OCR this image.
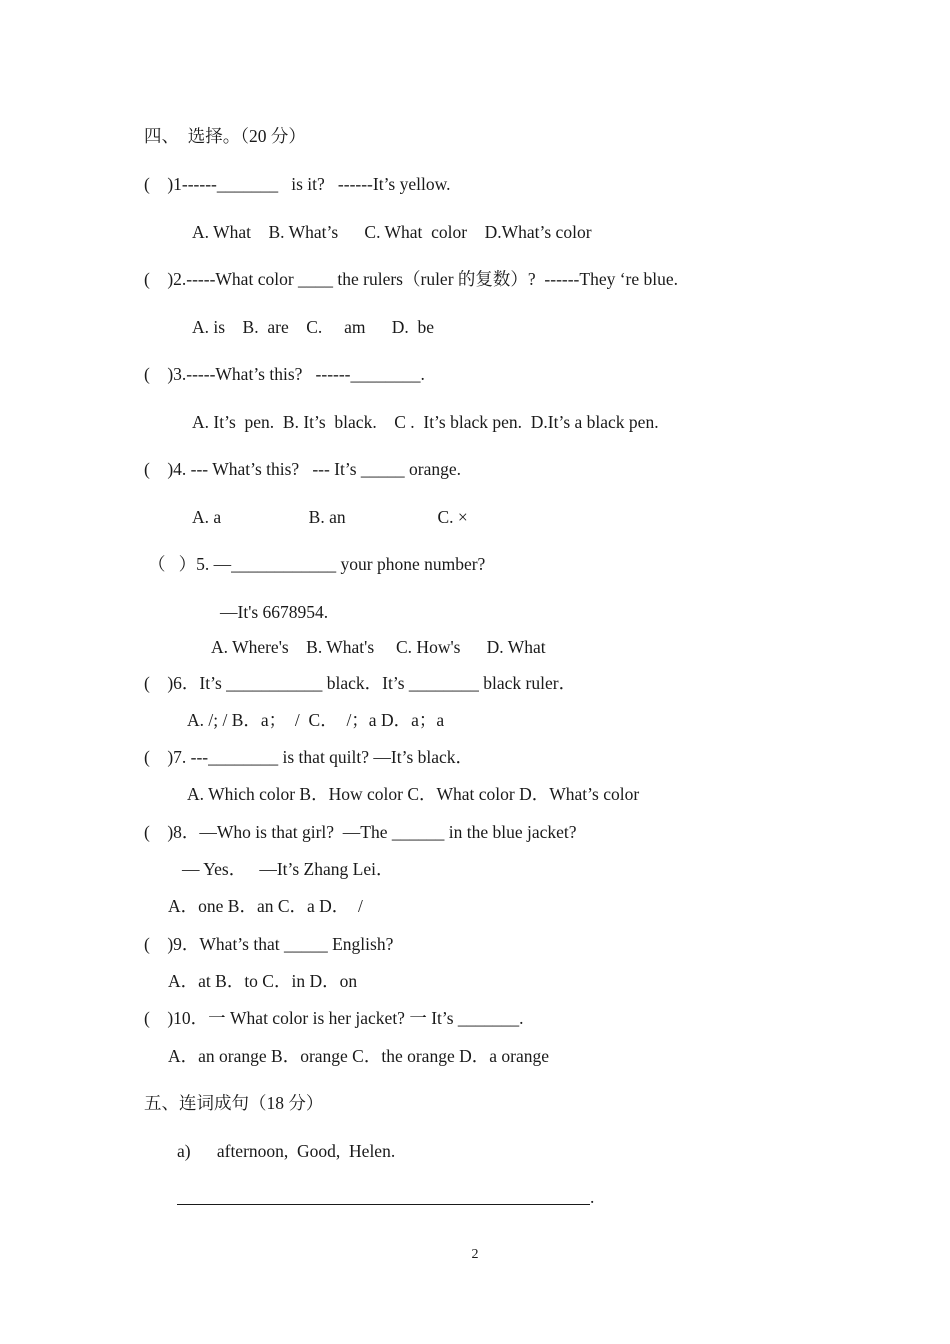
四、  选择。（20 分）
(    )1------_______   is it?   ------It’s yellow.
A. What    B. What’s      C. What  color    D.What’s color
(    )2.-----What color ____ the rulers（ruler 的复数）?  ------They ‘re blue.
A. is    B.  are    C.     am      D.  be
(    )3.-----What’s this?   ------________.
A. It’s  pen.  B. It’s  black.    C .  It’s black pen.  D.It’s a black pen.
(    )4. --- What’s this?   --- It’s _____ orange.
A. a                    B. an                     C. ×
（   ）5. —____________ your phone number?
—It's 6678954.
A. Where's    B. What's     C. How's      D. What
(    )6．It’s ___________ black．It’s ________ black ruler．
A. /; / B．a；  /  C．  /；a D．a；a
(    )7. ---________ is that quilt? —It’s black．
A. Which color B．How color C．What color D．What’s color
(    )8．—Who is that girl?  —The ______ in the blue jacket?
— Yes．   —It’s Zhang Lei．
A．one B．an C．a D．  /
(    )9．What’s that _____ English?
A．at B．to C．in D．on
(    )10．一 What color is her jacket? 一 It’s _______.
A．an orange B．orange C．the orange D．a orange
五、连词成句（18 分）
a)      afternoon,  Good,  Helen.
.
2
